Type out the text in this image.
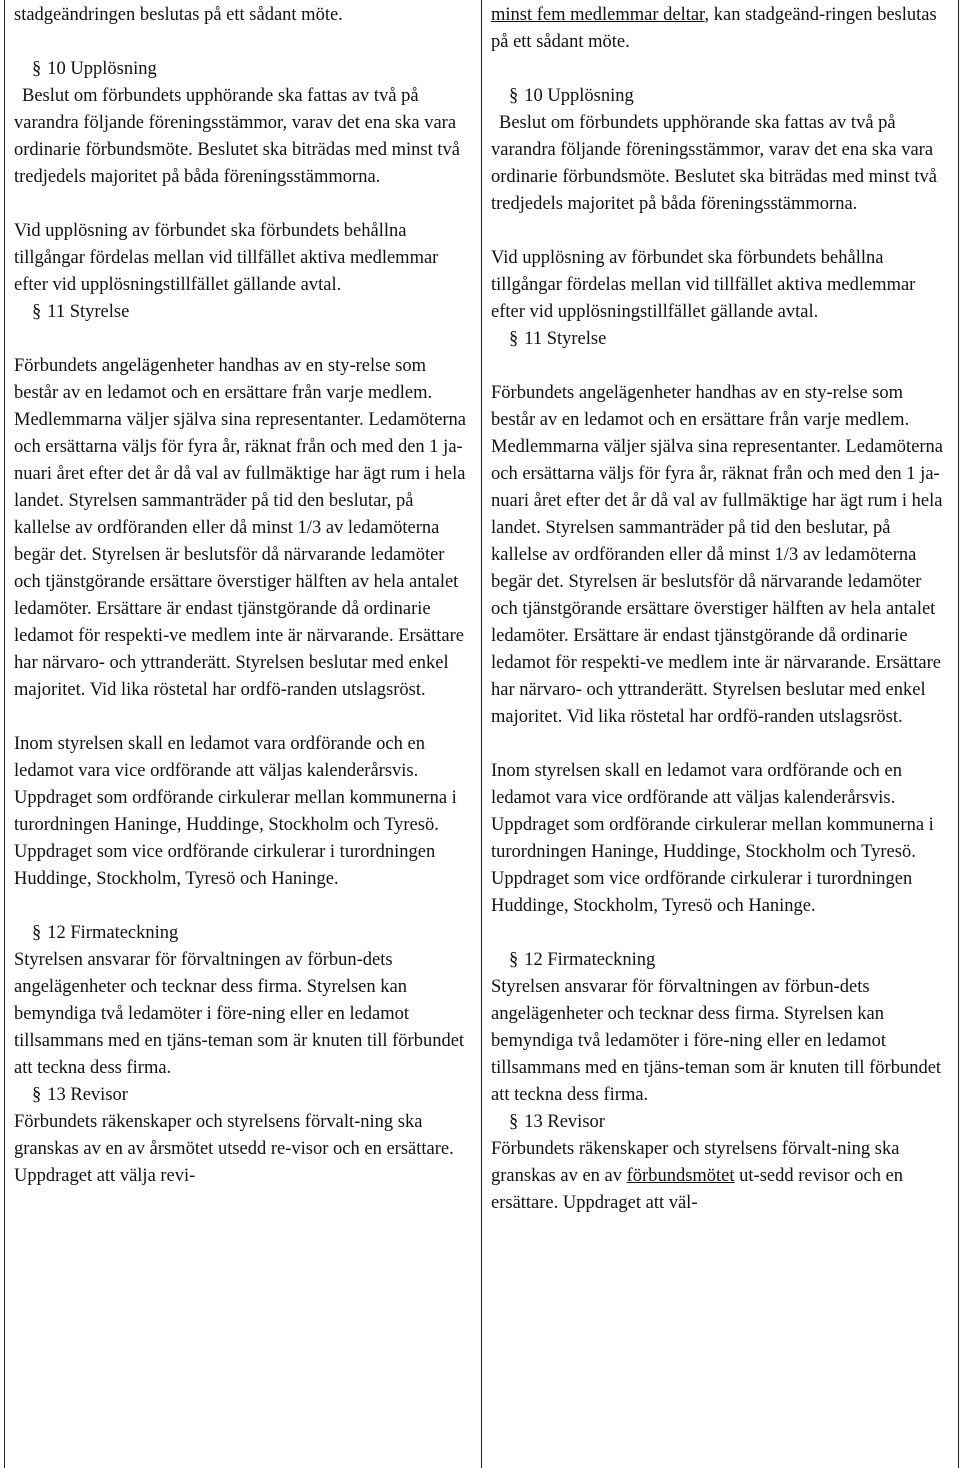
stadgeändringen beslutas på ett sådant möte.

§ 10 Upplösning

Beslut om förbundets upphörande ska fattas av två på varandra följande föreningsstämmor, varav det ena ska vara ordinarie förbundsmöte. Beslutet ska biträdas med minst två tredjedels majoritet på båda föreningsstämmorna.

Vid upplösning av förbundet ska förbundets behållna tillgångar fördelas mellan vid tillfället aktiva medlemmar efter vid upplösningstillfället gällande avtal.

§ 11 Styrelse

Förbundets angelägenheter handhas av en sty-relse som består av en ledamot och en ersättare från varje medlem. Medlemmarna väljer själva sina representanter. Ledamöterna och ersättarna väljs för fyra år, räknat från och med den 1 ja-nuari året efter det år då val av fullmäktige har ägt rum i hela landet. Styrelsen sammanträder på tid den beslutar, på kallelse av ordföranden eller då minst 1/3 av ledamöterna begär det. Styrelsen är beslutsför då närvarande ledamöter och tjänstgörande ersättare överstiger hälften av hela antalet ledamöter. Ersättare är endast tjänstgörande då ordinarie ledamot för respekti-ve medlem inte är närvarande. Ersättare har närvaro- och yttranderätt. Styrelsen beslutar med enkel majoritet. Vid lika röstetal har ordfö-randen utslagsröst.

Inom styrelsen skall en ledamot vara ordförande och en ledamot vara vice ordförande att väljas kalenderårsvis. Uppdraget som ordförande cirkulerar mellan kommunerna i turordningen Haninge, Huddinge, Stockholm och Tyresö. Uppdraget som vice ordförande cirkulerar i turordningen Huddinge, Stockholm, Tyresö och Haninge.

§ 12 Firmateckning

Styrelsen ansvarar för förvaltningen av förbun-dets angelägenheter och tecknar dess firma. Styrelsen kan bemyndiga två ledamöter i före-ning eller en ledamot tillsammans med en tjäns-teman som är knuten till förbundet att teckna dess firma.

§ 13 Revisor

Förbundets räkenskaper och styrelsens förvalt-ning ska granskas av en av årsmötet utsedd re-visor och en ersättare. Uppdraget att välja revi-

minst fem medlemmar deltar, kan stadgeänd-ringen beslutas på ett sådant möte.

§ 10 Upplösning

Beslut om förbundets upphörande ska fattas av två på varandra följande föreningsstämmor, varav det ena ska vara ordinarie förbundsmöte. Beslutet ska biträdas med minst två tredjedels majoritet på båda föreningsstämmorna.

Vid upplösning av förbundet ska förbundets behållna tillgångar fördelas mellan vid tillfället aktiva medlemmar efter vid upplösningstillfället gällande avtal.

§ 11 Styrelse

Förbundets angelägenheter handhas av en sty-relse som består av en ledamot och en ersättare från varje medlem. Medlemmarna väljer själva sina representanter. Ledamöterna och ersättarna väljs för fyra år, räknat från och med den 1 ja-nuari året efter det år då val av fullmäktige har ägt rum i hela landet. Styrelsen sammanträder på tid den beslutar, på kallelse av ordföranden eller då minst 1/3 av ledamöterna begär det. Styrelsen är beslutsför då närvarande ledamöter och tjänstgörande ersättare överstiger hälften av hela antalet ledamöter. Ersättare är endast tjänstgörande då ordinarie ledamot för respekti-ve medlem inte är närvarande. Ersättare har närvaro- och yttranderätt. Styrelsen beslutar med enkel majoritet. Vid lika röstetal har ordfö-randen utslagsröst.

Inom styrelsen skall en ledamot vara ordförande och en ledamot vara vice ordförande att väljas kalenderårsvis. Uppdraget som ordförande cirkulerar mellan kommunerna i turordningen Haninge, Huddinge, Stockholm och Tyresö. Uppdraget som vice ordförande cirkulerar i turordningen Huddinge, Stockholm, Tyresö och Haninge.

§ 12 Firmateckning

Styrelsen ansvarar för förvaltningen av förbun-dets angelägenheter och tecknar dess firma. Styrelsen kan bemyndiga två ledamöter i före-ning eller en ledamot tillsammans med en tjäns-teman som är knuten till förbundet att teckna dess firma.

§ 13 Revisor

Förbundets räkenskaper och styrelsens förvalt-ning ska granskas av en av förbundsmötet ut-sedd revisor och en ersättare. Uppdraget att väl-
